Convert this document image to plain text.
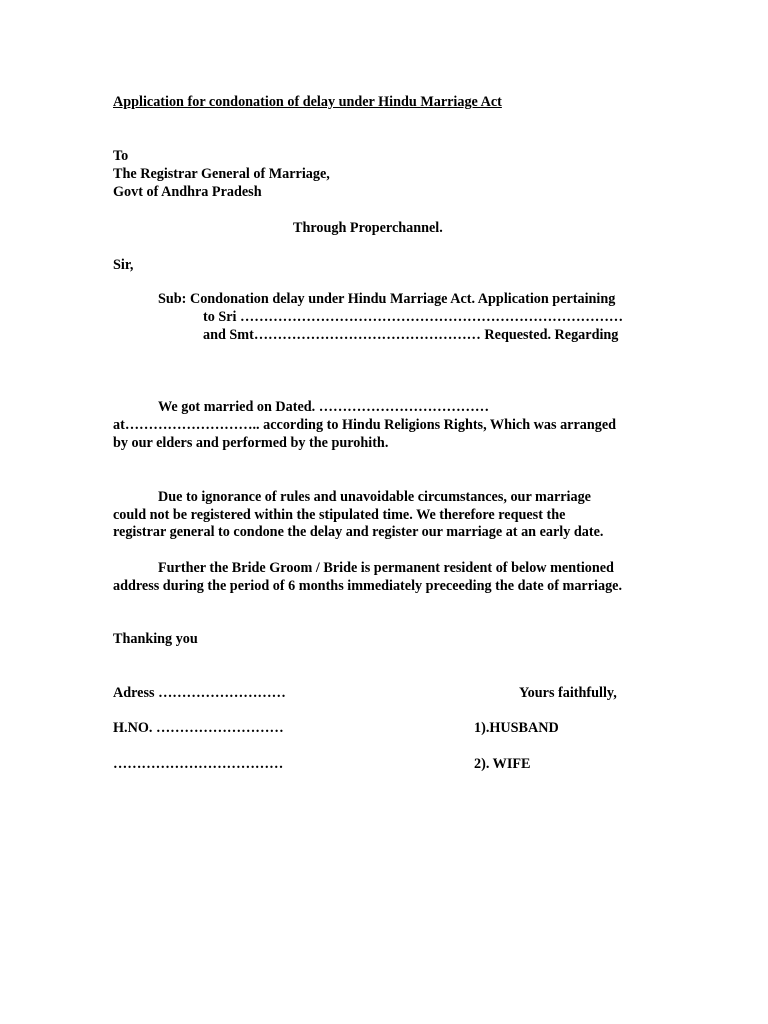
Application for condonation of delay under Hindu Marriage Act
To
The Registrar General of Marriage,
Govt of Andhra Pradesh
Through Properchannel.
Sir,
Sub: Condonation delay under Hindu Marriage Act. Application pertaining
to Sri ………………………………………………………………………
and Smt………………………………………… Requested. Regarding
We got married on Dated. ………………………………
at……………………….. according to Hindu Religions Rights, Which was arranged
by our elders and performed by the purohith.
Due to ignorance of rules and unavoidable circumstances, our marriage
could not be registered within the stipulated time. We therefore request the
registrar general to condone the delay and register our marriage at an early date.
Further the Bride Groom / Bride is permanent resident of below mentioned
address during the period of 6 months immediately preceeding the date of marriage.
Thanking you
Adress ………………………	Yours faithfully,
H.NO. ………………………	1).HUSBAND
………………………………	2). WIFE
